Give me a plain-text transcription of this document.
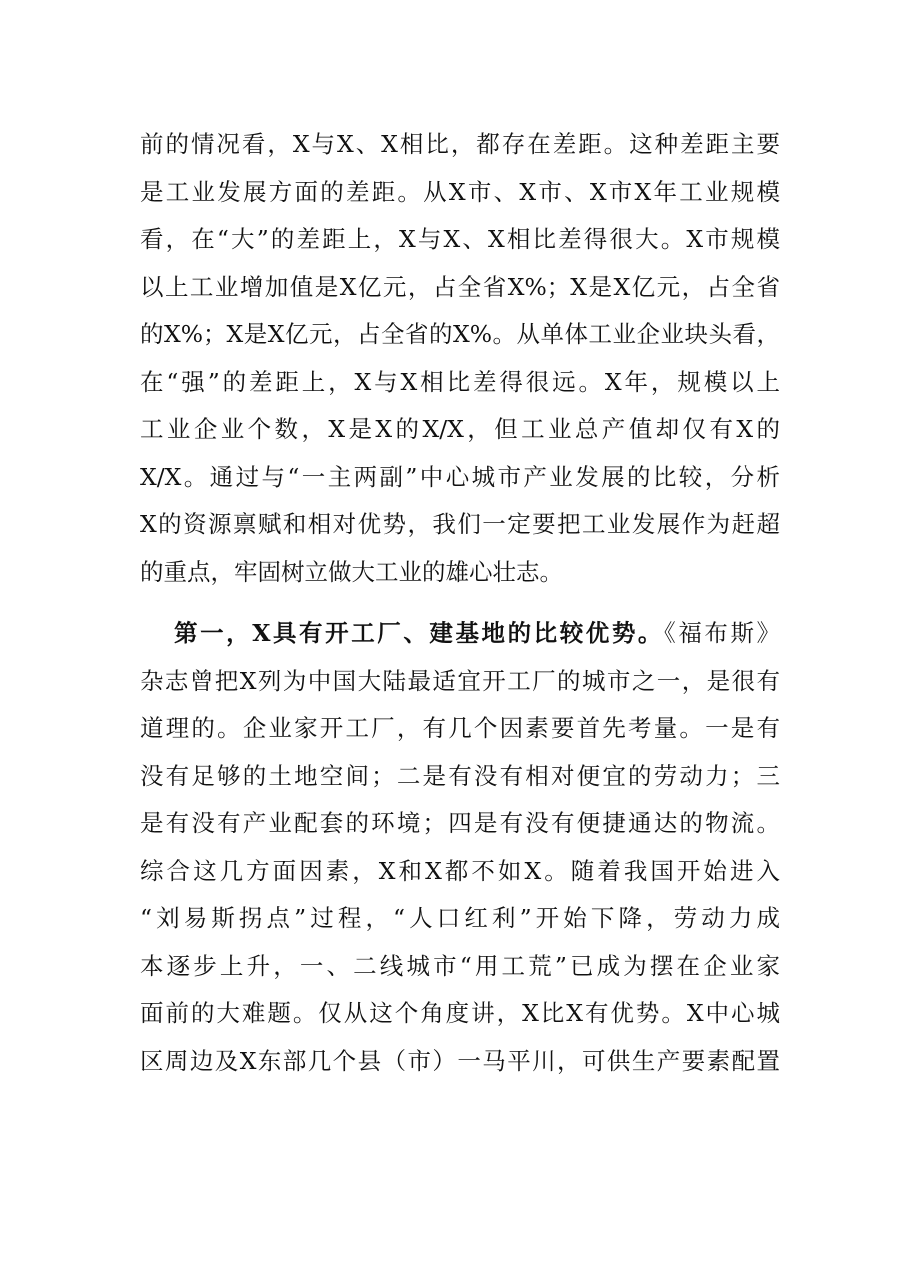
前的情况看，X与X、X相比，都存在差距。这种差距主要
是工业发展方面的差距。从X市、X市、X市X年工业规模
看，在“大”的差距上，X与X、X相比差得很大。X市规模
以上工业增加值是X亿元，占全省X%；X是X亿元，占全省
的X%；X是X亿元，占全省的X%。从单体工业企业块头看，
在“强”的差距上，X与X相比差得很远。X年，规模以上
工业企业个数，X是X的X/X，但工业总产值却仅有X的
X/X。通过与“一主两副”中心城市产业发展的比较，分析
X的资源禀赋和相对优势，我们一定要把工业发展作为赶超
的重点，牢固树立做大工业的雄心壮志。
第一，X具有开工厂、建基地的比较优势。《福布斯》
杂志曾把X列为中国大陆最适宜开工厂的城市之一，是很有
道理的。企业家开工厂，有几个因素要首先考量。一是有
没有足够的土地空间；二是有没有相对便宜的劳动力；三
是有没有产业配套的环境；四是有没有便捷通达的物流。
综合这几方面因素，X和X都不如X。随着我国开始进入
“刘易斯拐点”过程，“人口红利”开始下降，劳动力成
本逐步上升，一、二线城市“用工荒”已成为摆在企业家
面前的大难题。仅从这个角度讲，X比X有优势。X中心城
区周边及X东部几个县（市）一马平川，可供生产要素配置
